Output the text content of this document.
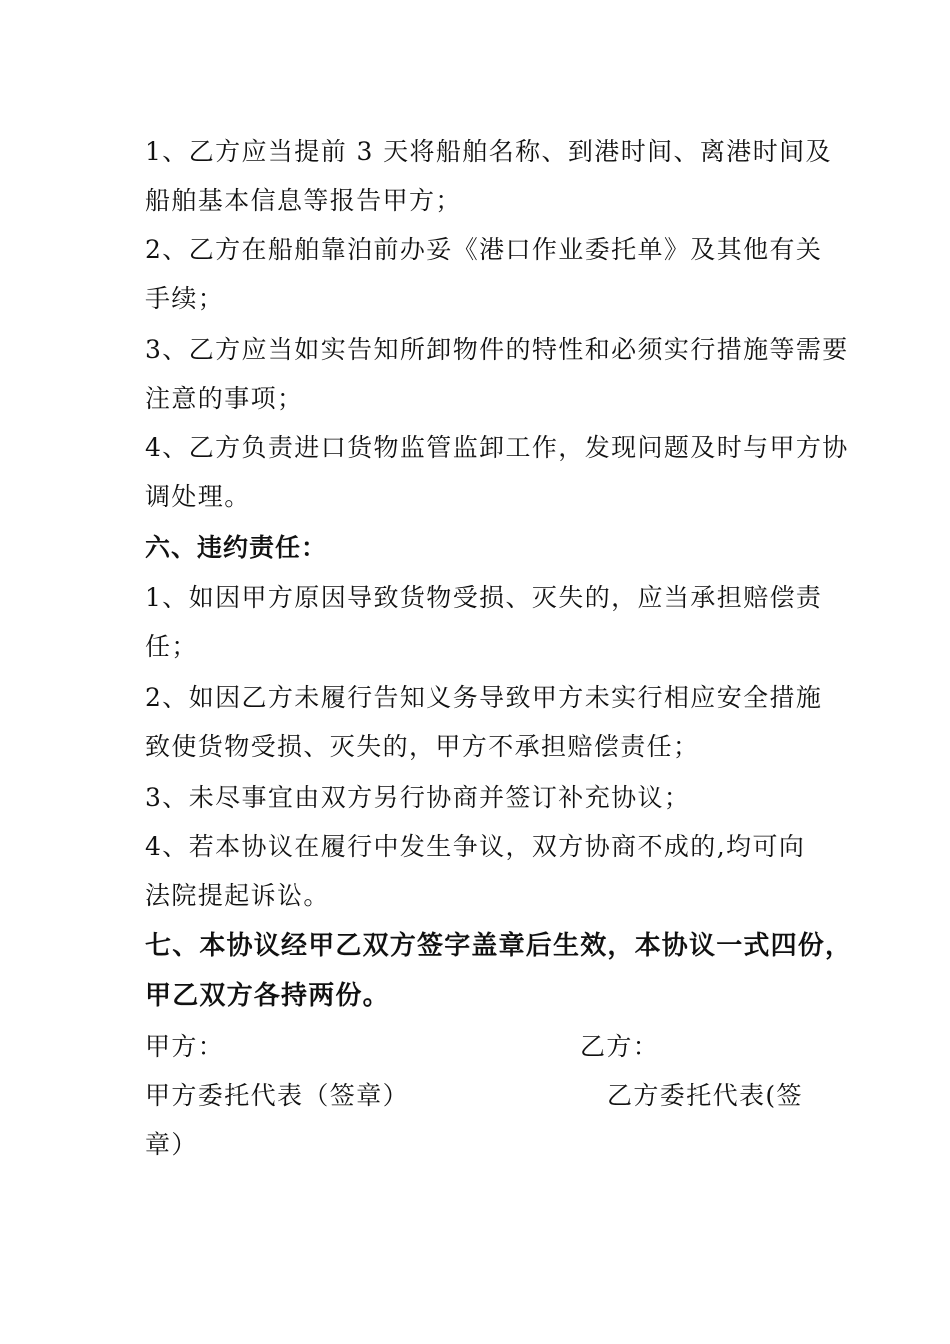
1、乙方应当提前 3 天将船舶名称、到港时间、离港时间及
船舶基本信息等报告甲方；
2、乙方在船舶靠泊前办妥《港口作业委托单》及其他有关
手续；
3、乙方应当如实告知所卸物件的特性和必须实行措施等需要
注意的事项；
4、乙方负责进口货物监管监卸工作，发现问题及时与甲方协
调处理。
六、违约责任：
1、如因甲方原因导致货物受损、灭失的，应当承担赔偿责
任；
2、如因乙方未履行告知义务导致甲方未实行相应安全措施
致使货物受损、灭失的，甲方不承担赔偿责任；
3、未尽事宜由双方另行协商并签订补充协议；
4、若本协议在履行中发生争议，双方协商不成的,均可向
法院提起诉讼。
七、本协议经甲乙双方签字盖章后生效，本协议一式四份，
甲乙双方各持两份。
甲方：	乙方：
甲方委托代表（签章）	乙方委托代表(签
章）
